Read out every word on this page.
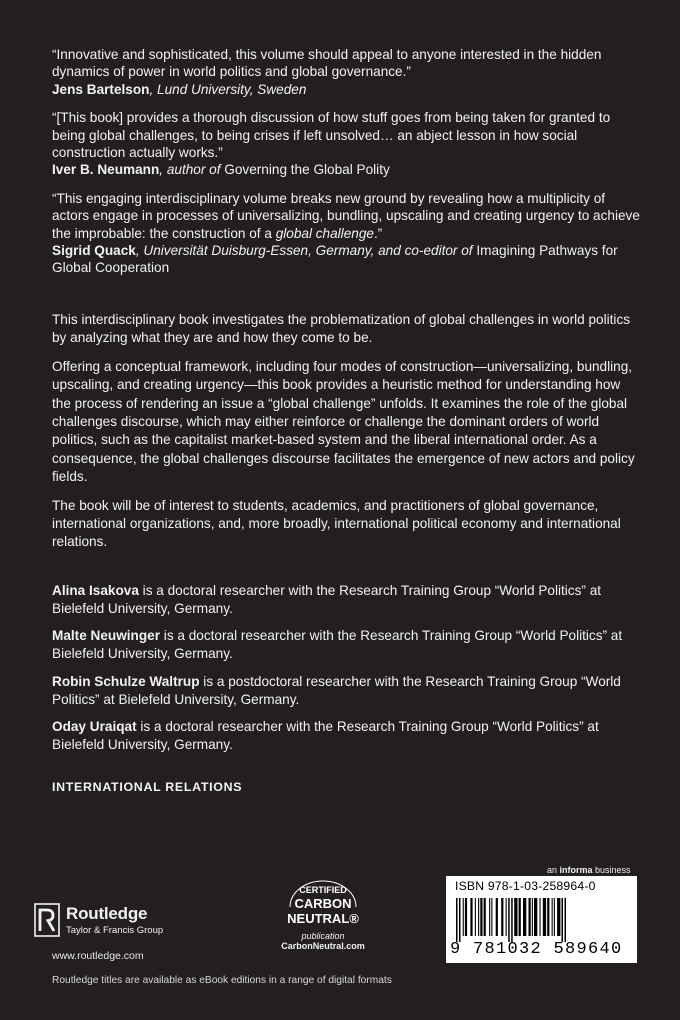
“Innovative and sophisticated, this volume should appeal to anyone interested in the hidden dynamics of power in world politics and global governance.”

Jens Bartelson, Lund University, Sweden

“[This book] provides a thorough discussion of how stuff goes from being taken for granted to being global challenges, to being crises if left unsolved… an abject lesson in how social construction actually works.”

Iver B. Neumann, author of Governing the Global Polity

“This engaging interdisciplinary volume breaks new ground by revealing how a multiplicity of actors engage in processes of universalizing, bundling, upscaling and creating urgency to achieve the improbable: the construction of a global challenge.”

Sigrid Quack, Universität Duisburg-Essen, Germany, and co-editor of Imagining Pathways for Global Cooperation

This interdisciplinary book investigates the problematization of global challenges in world politics by analyzing what they are and how they come to be.

Offering a conceptual framework, including four modes of construction—universalizing, bundling, upscaling, and creating urgency—this book provides a heuristic method for understanding how the process of rendering an issue a “global challenge” unfolds. It examines the role of the global challenges discourse, which may either reinforce or challenge the dominant orders of world politics, such as the capitalist market-based system and the liberal international order. As a consequence, the global challenges discourse facilitates the emergence of new actors and policy fields.

The book will be of interest to students, academics, and practitioners of global governance, international organizations, and, more broadly, international political economy and international relations.

Alina Isakova is a doctoral researcher with the Research Training Group “World Politics” at Bielefeld University, Germany.

Malte Neuwinger is a doctoral researcher with the Research Training Group “World Politics” at Bielefeld University, Germany.

Robin Schulze Waltrup is a postdoctoral researcher with the Research Training Group “World Politics” at Bielefeld University, Germany.

Oday Uraiqat is a doctoral researcher with the Research Training Group “World Politics” at Bielefeld University, Germany.

INTERNATIONAL RELATIONS
Routledge
Taylor & Francis Group
www.routledge.com
CERTIFIED
CARBON
NEUTRAL®
publication
CarbonNeutral.com
an informa business
ISBN 978-1-03-258964-0
9 781032 589640
Routledge titles are available as eBook editions in a range of digital formats
